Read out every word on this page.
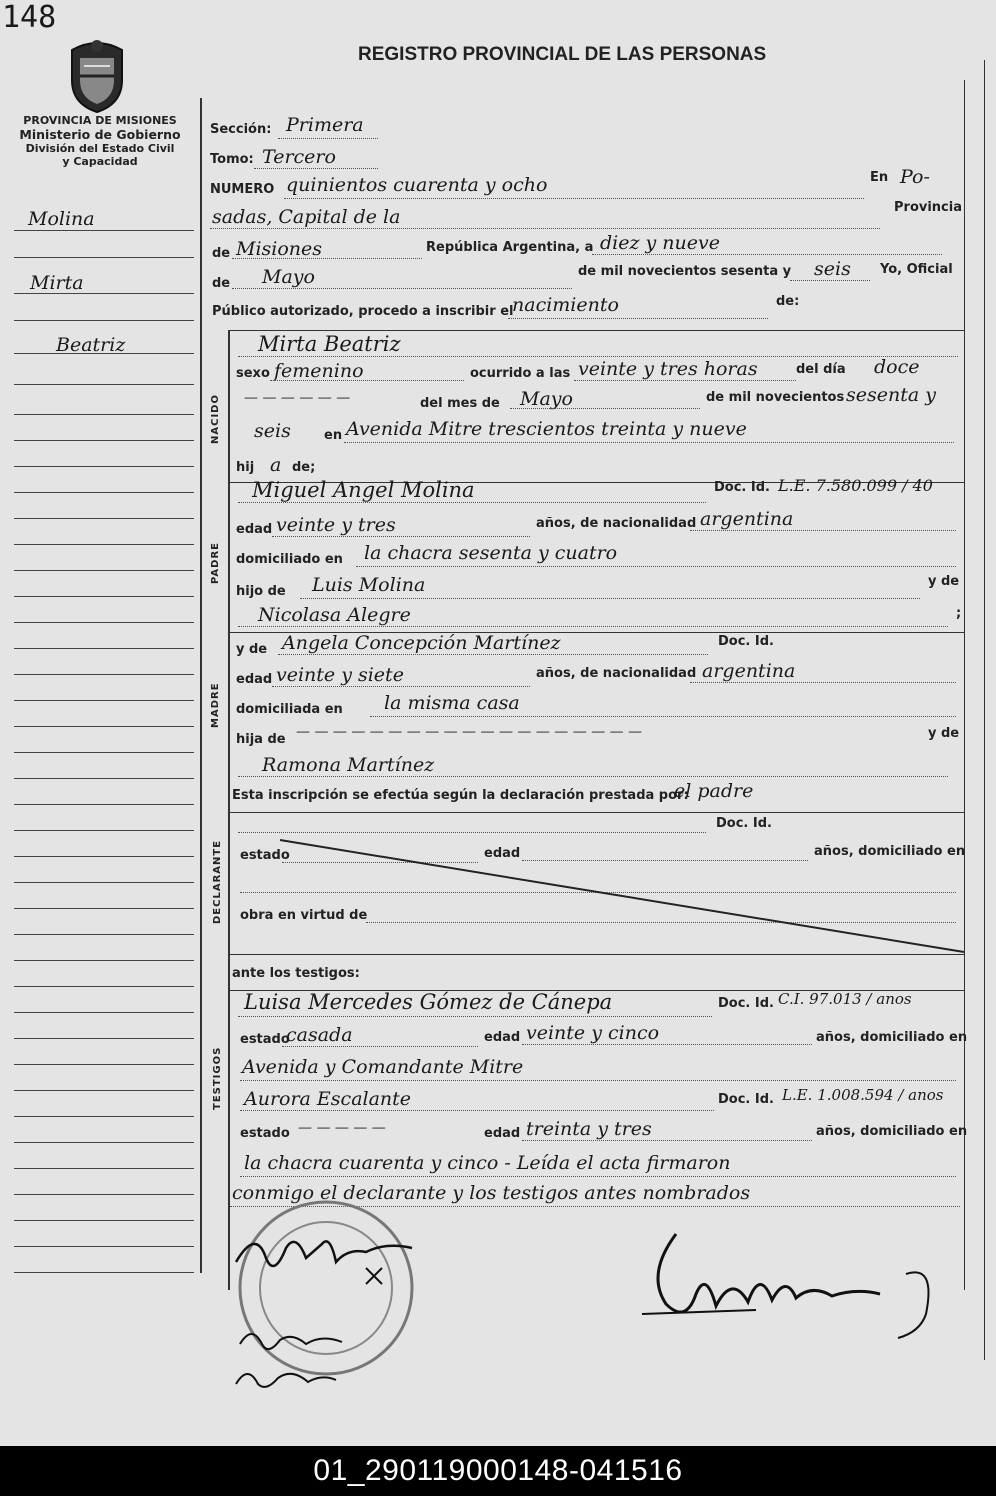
148
PROVINCIA DE MISIONES
Ministerio de Gobierno
División del Estado Civil
y Capacidad
REGISTRO PROVINCIAL DE LAS PERSONAS
Molina
Mirta
Beatriz
Sección: Primera
Tomo: Tercero
NUMERO quinientos cuarenta y ocho	En Po-
sadas, Capital de la	Provincia
de Misiones	República Argentina, a diez y nueve
de Mayo	de mil novecientos sesenta y seis Yo, Oficial
Público autorizado, procedo a inscribir el
nacimiento	de:
Mirta Beatriz
sexo femenino	ocurrido a las veinte y tres horas	del día doce
— — — — — —	del mes de Mayo	de mil novecientos sesenta y
seis	en Avenida Mitre trescientos treinta y nueve
hij a de;
NACIDO
Miguel Angel Molina	Doc. Id. L.E. 7.580.099 / 40
edad veinte y tres	años, de nacionalidad argentina
domiciliado en la chacra sesenta y cuatro
hijo de Luis Molina	y de
Nicolasa Alegre	;
PADRE
y de Angela Concepción Martínez	Doc. Id.
edad veinte y siete	años, de nacionalidad argentina
domiciliada en la misma casa
hija de — — — — — — — — — — — — — — — — — — —	y de
Ramona Martínez
MADRE
Esta inscripción se efectúa según la declaración prestada por:
el padre
Doc. Id.
estado	edad	años, domiciliado en
obra en virtud de
DECLARANTE
ante los testigos:
Luisa Mercedes Gómez de Cánepa	Doc. Id. C.I. 97.013 / anos
estado
casada	edad veinte y cinco	años, domiciliado en
Avenida y Comandante Mitre
Aurora Escalante	Doc. Id. L.E. 1.008.594 / anos
estado — — — — —	edad treinta y tres	años, domiciliado en
la chacra cuarenta y cinco - Leída el acta firmaron
conmigo el declarante y los testigos antes nombrados
TESTIGOS
01_290119000148-041516
